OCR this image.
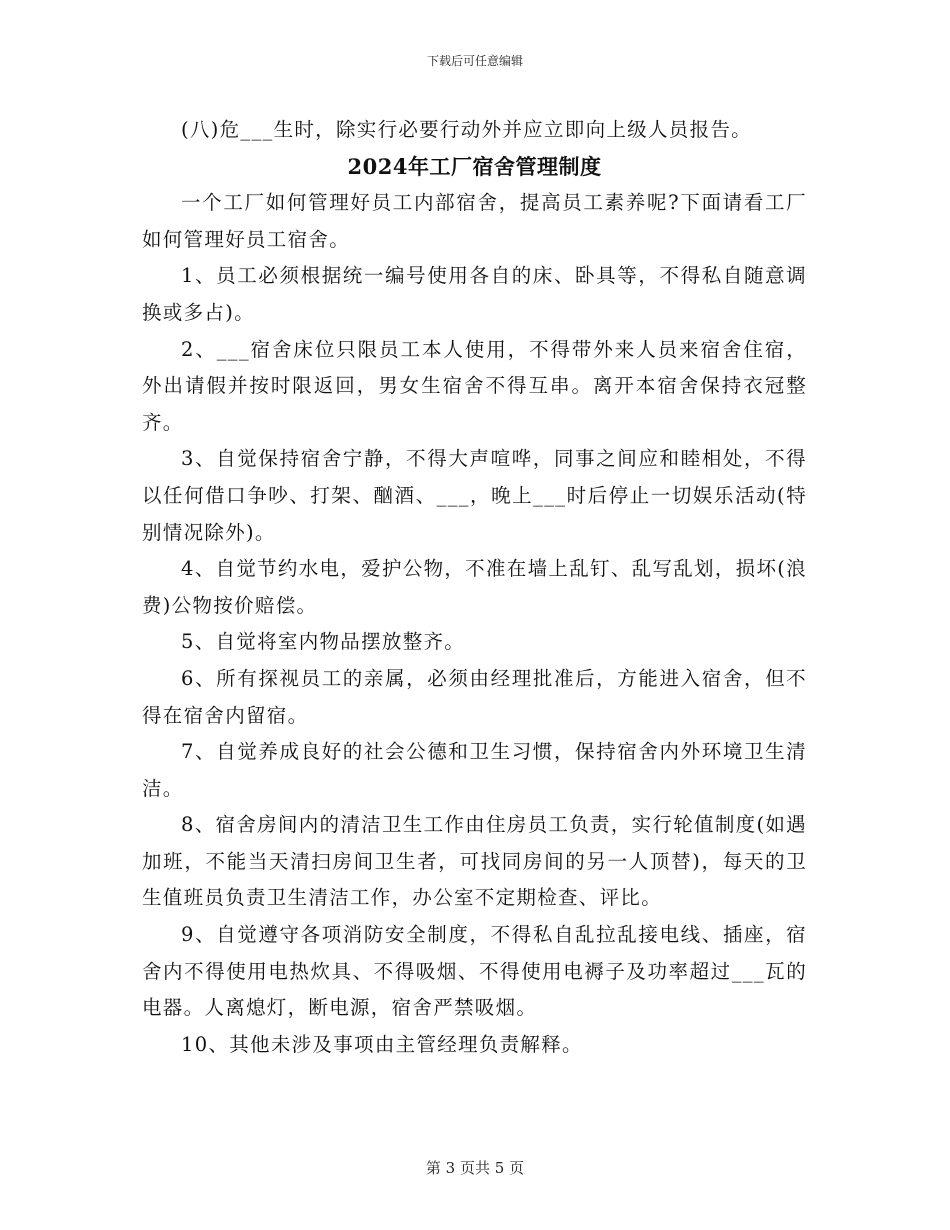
下载后可任意编辑

(八)危___生时，除实行必要行动外并应立即向上级人员报告。

2024年工厂宿舍管理制度

一个工厂如何管理好员工内部宿舍，提高员工素养呢?下面请看工厂如何管理好员工宿舍。

1、员工必须根据统一编号使用各自的床、卧具等，不得私自随意调换或多占)。

2、___宿舍床位只限员工本人使用，不得带外来人员来宿舍住宿，外出请假并按时限返回，男女生宿舍不得互串。离开本宿舍保持衣冠整齐。

3、自觉保持宿舍宁静，不得大声喧哗，同事之间应和睦相处，不得以任何借口争吵、打架、酗酒、___，晚上___时后停止一切娱乐活动(特别情况除外)。

4、自觉节约水电，爱护公物，不准在墙上乱钉、乱写乱划，损坏(浪费)公物按价赔偿。

5、自觉将室内物品摆放整齐。

6、所有探视员工的亲属，必须由经理批准后，方能进入宿舍，但不得在宿舍内留宿。

7、自觉养成良好的社会公德和卫生习惯，保持宿舍内外环境卫生清洁。

8、宿舍房间内的清洁卫生工作由住房员工负责，实行轮值制度(如遇加班，不能当天清扫房间卫生者，可找同房间的另一人顶替)，每天的卫生值班员负责卫生清洁工作，办公室不定期检查、评比。

9、自觉遵守各项消防安全制度，不得私自乱拉乱接电线、插座，宿舍内不得使用电热炊具、不得吸烟、不得使用电褥子及功率超过___瓦的电器。人离熄灯，断电源，宿舍严禁吸烟。

10、其他未涉及事项由主管经理负责解释。

第 3 页共 5 页
